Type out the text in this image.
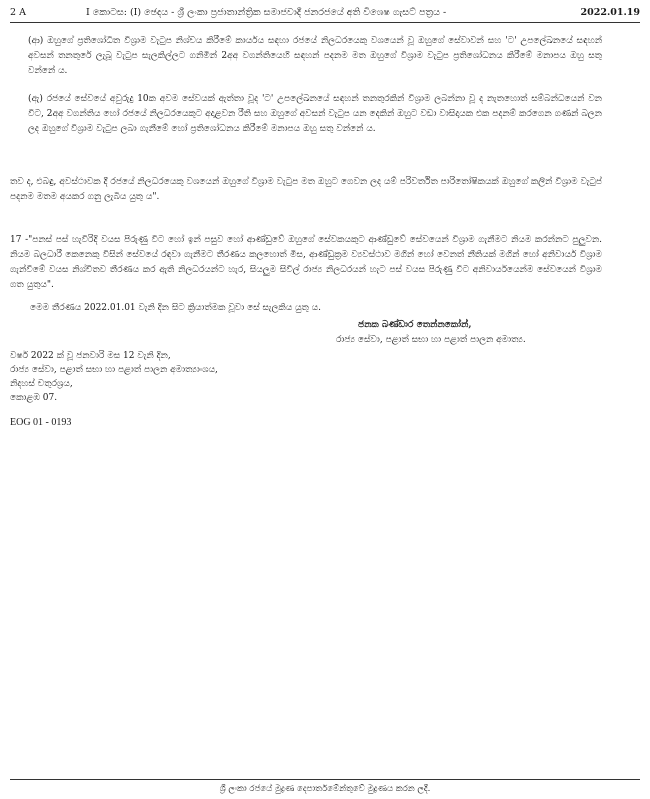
2 A	I කොටස: (I) ඡෙදය - ශ්‍රී ලංකා ප්‍රජාතාන්ත්‍රික සමාජවාදී ජනරජයේ අති විශෙෂ ගැසට් පත්‍රය -	2022.01.19

(ආ) ඔහුගේ ප්‍රතිශෝධිත විශ්‍රාම වැටුප නිශ්චය කිරීමේ කාර්යය සඳහා රජයේ නිලධරයෙකු වශයෙන් වූ ඔහුගේ සේවාවන් සහ 'ට' උපලේඛනයේ සඳහන් අවසන් තනතුරේ ලැබූ වැටුප සැලකිල්ලට ගනිමින් 2අඅ වගන්තියෙහි සඳහන් පදනම මත ඔහුගේ විශ්‍රාම වැටුප ප්‍රතිශෝධනය කිරීමේ මනාපය ඔහු සතු වන්නේ ය.

(ඇ) රජයේ සේවයේ අවුරුදු 10ක අවම සේවයක් ඇත්තා වූද 'ට' උපලේඛනයේ සඳහන් තනතුරකින් විශ්‍රාම ලබන්නා වූ ද නැතහොත් සම්බන්ධයෙන් වන විට, 2අඅ වගන්තිය හෝ රජයේ නිලධරයෙකුට අදාළවන රීති සහ ඔහුගේ අවසන් වැටුප යන දෙකින් ඔහුට වඩා වාසිදායක එක පදනම් කරගෙන ගණන් බලන ලද ඔහුගේ විශ්‍රාම වැටුප ලබා ගැනීමේ හෝ ප්‍රතිශෝධනය කිරීමේ මනාපය ඔහු සතු වන්නේ ය.

තව ද, එබඳු, අවස්ථාවක දී රජයේ නිලධරයෙකු වශයෙන් ඔහුගේ විශ්‍රාම වැටුප මත ඔහුට ගෙවන ලද යම් පරිවර්තිත පාරිතෝෂිකයක් ඔහුගේ කලින් විශ්‍රාම වැටුප් පදනම මතම අයකර ගනු ලැබිය යුතු ය".

17 -"පනස් පස් හැවිරිදි වයස පිරුණු විට හෝ ඉන් පසුව හෝ ආණ්ඩුවේ ඔහුගේ සේවකයකුට ආණ්ඩුවේ සේවයෙන් විශ්‍රාම ගැනීමට නියම කරන්නට පුලුවන. නියම බලධාරී කෙනෙකු විසින් සේවයේ රඳවා ගැනීමට තීරණය කලහොත් මිස, ආණ්ඩුක්‍රම ව්‍යවස්ථාව මගින් හෝ වෙනත් නීතියක් මගින් හෝ අනිවාර්ය විශ්‍රාම ගැන්වීමේ වයස නිශ්චිතව තීරණය කර ඇති නිලධරයන්ට හැර, සියලුම සිවිල් රාජ්‍ය නිලධරයන් හැට පස් වයස පිරුණු විට අනිවාර්යයෙන්ම සේවයෙන් විශ්‍රාම ගත යුතුය".

මෙම තීරණය 2022.01.01 වැනි දින සිට ක්‍රියාත්මක වූවා සේ සැලකිය යුතු ය.

ජනක බණ්ඩාර තෙන්නකෝන්,

රාජ්‍ය සේවා, පළාත් සභා හා පළාත් පාලන අමාත්‍ය.

වර්ෂ 2022 ක් වූ ජනවාරි මස 12 වැනි දින,
රාජ්‍ය සේවා, පළාත් සභා හා පළාත් පාලන අමාත්‍යාංශය,
නිදහස් චතුරශ්‍රය,
කොළඹ 07.

EOG 01 - 0193

ශ්‍රී ලංකා රජයේ මුද්‍රණ දෙපාර්තමේන්තුවේ මුද්‍රණය කරන ලදී.
